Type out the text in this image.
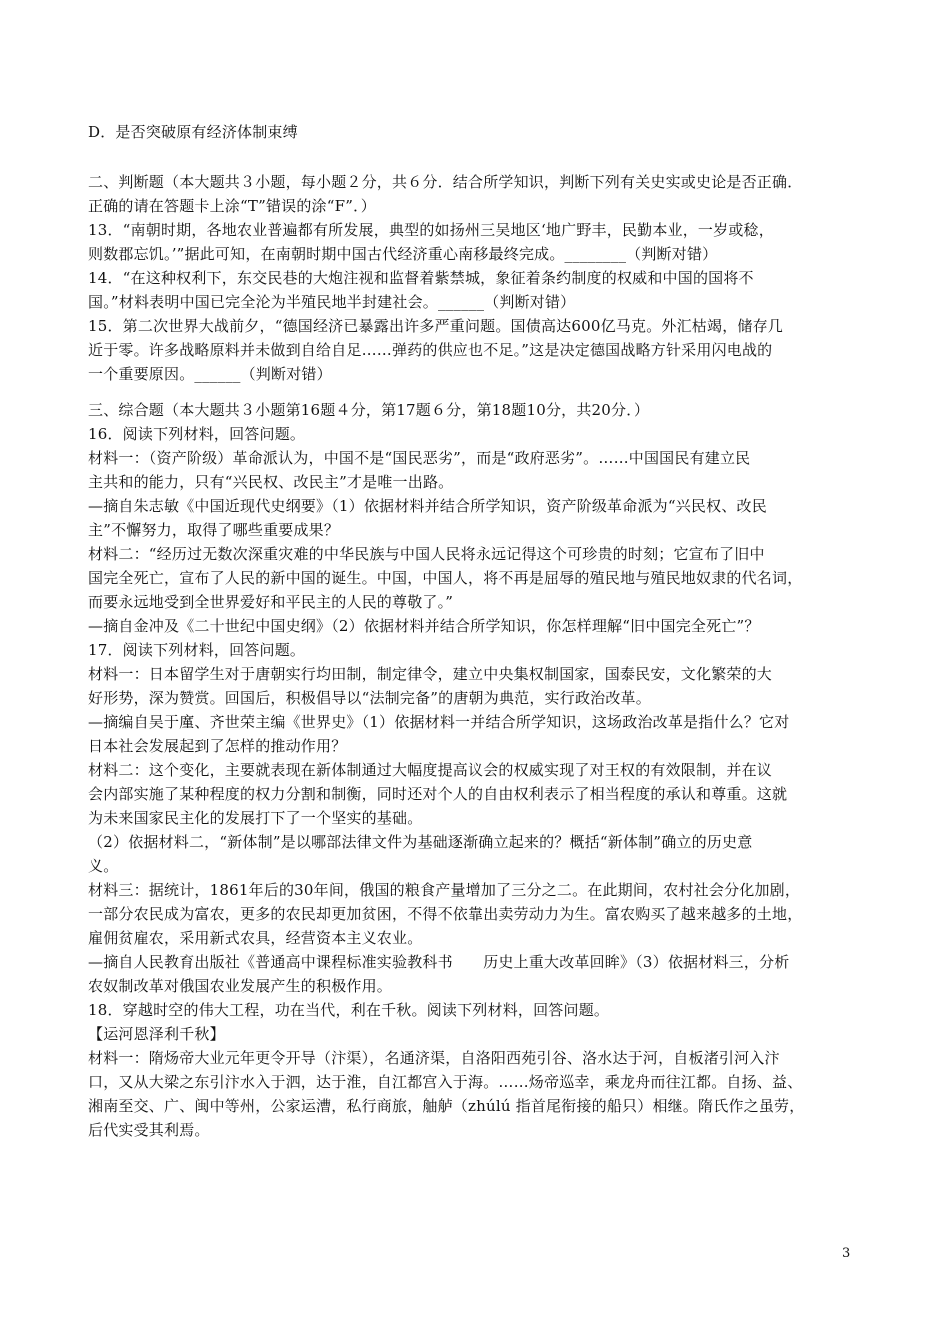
D．是否突破原有经济体制束缚
二、判断题（本大题共３小题，每小题２分，共６分．结合所学知识，判断下列有关史实或史论是否正确．
正确的请在答题卡上涂“T”错误的涂“F”．）
13．“南朝时期，各地农业普遍都有所发展，典型的如扬州三吴地区‘地广野丰，民勤本业，一岁或稔，
则数郡忘饥。’”据此可知，在南朝时期中国古代经济重心南移最终完成。________（判断对错）
14．“在这种权利下，东交民巷的大炮注视和监督着紫禁城，象征着条约制度的权威和中国的国将不
国。”材料表明中国已完全沦为半殖民地半封建社会。______（判断对错）
15．第二次世界大战前夕，“德国经济已暴露出许多严重问题。国债高达600亿马克。外汇枯竭，储存几
近于零。许多战略原料并未做到自给自足……弹药的供应也不足。”这是决定德国战略方针采用闪电战的
一个重要原因。______（判断对错）
三、综合题（本大题共３小题第16题４分，第17题６分，第18题10分，共20分．）
16．阅读下列材料，回答问题。
材料一：（资产阶级）革命派认为，中国不是“国民恶劣”，而是“政府恶劣”。……中国国民有建立民
主共和的能力，只有“兴民权、改民主”才是唯一出路。
—摘自朱志敏《中国近现代史纲要》（1）依据材料并结合所学知识，资产阶级革命派为“兴民权、改民
主”不懈努力，取得了哪些重要成果？
材料二：“经历过无数次深重灾难的中华民族与中国人民将永远记得这个可珍贵的时刻；它宣布了旧中
国完全死亡，宣布了人民的新中国的诞生。中国，中国人，将不再是屈辱的殖民地与殖民地奴隶的代名词，
而要永远地受到全世界爱好和平民主的人民的尊敬了。”
—摘自金冲及《二十世纪中国史纲》（2）依据材料并结合所学知识，你怎样理解“旧中国完全死亡”？
17．阅读下列材料，回答问题。
材料一：日本留学生对于唐朝实行均田制，制定律令，建立中央集权制国家，国泰民安，文化繁荣的大
好形势，深为赞赏。回国后，积极倡导以“法制完备”的唐朝为典范，实行政治改革。
—摘编自吴于廑、齐世荣主编《世界史》（1）依据材料一并结合所学知识，这场政治改革是指什么？它对
日本社会发展起到了怎样的推动作用？
材料二：这个变化，主要就表现在新体制通过大幅度提高议会的权威实现了对王权的有效限制，并在议
会内部实施了某种程度的权力分割和制衡，同时还对个人的自由权利表示了相当程度的承认和尊重。这就
为未来国家民主化的发展打下了一个坚实的基础。
（2）依据材料二，“新体制”是以哪部法律文件为基础逐渐确立起来的？概括“新体制”确立的历史意
义。
材料三：据统计，1861年后的30年间，俄国的粮食产量增加了三分之二。在此期间，农村社会分化加剧，
一部分农民成为富农，更多的农民却更加贫困，不得不依靠出卖劳动力为生。富农购买了越来越多的土地，
雇佣贫雇农，采用新式农具，经营资本主义农业。
—摘自人民教育出版社《普通高中课程标准实验教科书　　历史上重大改革回眸》（3）依据材料三，分析
农奴制改革对俄国农业发展产生的积极作用。
18．穿越时空的伟大工程，功在当代，利在千秋。阅读下列材料，回答问题。
【运河恩泽利千秋】
材料一：隋炀帝大业元年更令开导（汴渠），名通济渠，自洛阳西苑引谷、洛水达于河，自板渚引河入汴
口，又从大梁之东引汴水入于泗，达于淮，自江都宫入于海。……炀帝巡幸，乘龙舟而往江都。自扬、益、
湘南至交、广、闽中等州，公家运漕，私行商旅，舳舻（zhúlú 指首尾衔接的船只）相继。隋氏作之虽劳，
后代实受其利焉。
3
